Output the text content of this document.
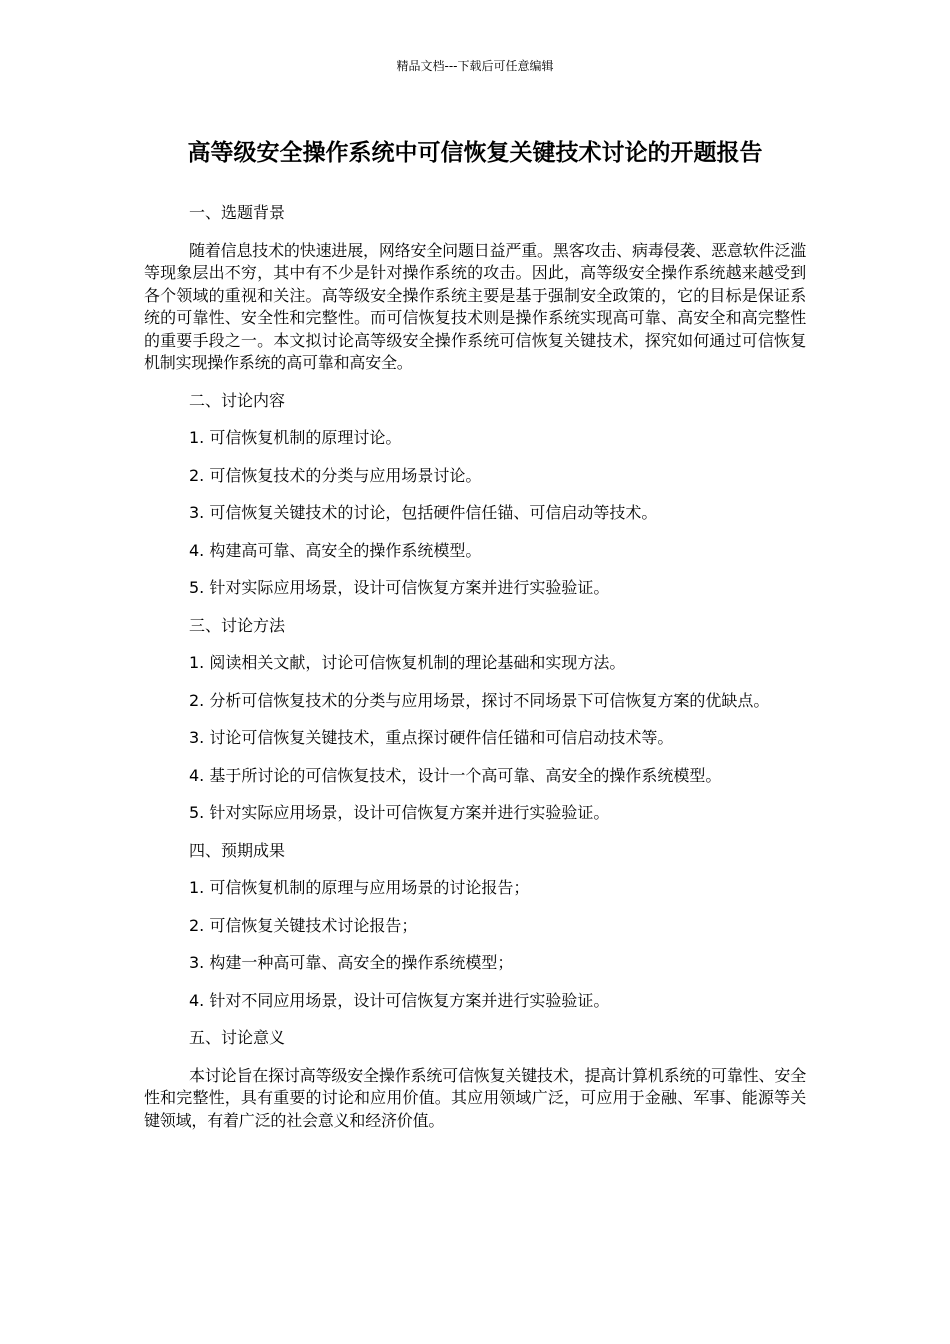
精品文档---下载后可任意编辑
高等级安全操作系统中可信恢复关键技术讨论的开题报告

一、选题背景

随着信息技术的快速进展，网络安全问题日益严重。黑客攻击、病毒侵袭、恶意软件泛滥等现象层出不穷，其中有不少是针对操作系统的攻击。因此，高等级安全操作系统越来越受到各个领域的重视和关注。高等级安全操作系统主要是基于强制安全政策的，它的目标是保证系统的可靠性、安全性和完整性。而可信恢复技术则是操作系统实现高可靠、高安全和高完整性的重要手段之一。本文拟讨论高等级安全操作系统可信恢复关键技术，探究如何通过可信恢复机制实现操作系统的高可靠和高安全。

二、讨论内容

1. 可信恢复机制的原理讨论。

2. 可信恢复技术的分类与应用场景讨论。

3. 可信恢复关键技术的讨论，包括硬件信任锚、可信启动等技术。

4. 构建高可靠、高安全的操作系统模型。

5. 针对实际应用场景，设计可信恢复方案并进行实验验证。

三、讨论方法

1. 阅读相关文献，讨论可信恢复机制的理论基础和实现方法。

2. 分析可信恢复技术的分类与应用场景，探讨不同场景下可信恢复方案的优缺点。

3. 讨论可信恢复关键技术，重点探讨硬件信任锚和可信启动技术等。

4. 基于所讨论的可信恢复技术，设计一个高可靠、高安全的操作系统模型。

5. 针对实际应用场景，设计可信恢复方案并进行实验验证。

四、预期成果

1. 可信恢复机制的原理与应用场景的讨论报告；

2. 可信恢复关键技术讨论报告；

3. 构建一种高可靠、高安全的操作系统模型；

4. 针对不同应用场景，设计可信恢复方案并进行实验验证。

五、讨论意义

本讨论旨在探讨高等级安全操作系统可信恢复关键技术，提高计算机系统的可靠性、安全性和完整性，具有重要的讨论和应用价值。其应用领域广泛，可应用于金融、军事、能源等关键领域，有着广泛的社会意义和经济价值。
